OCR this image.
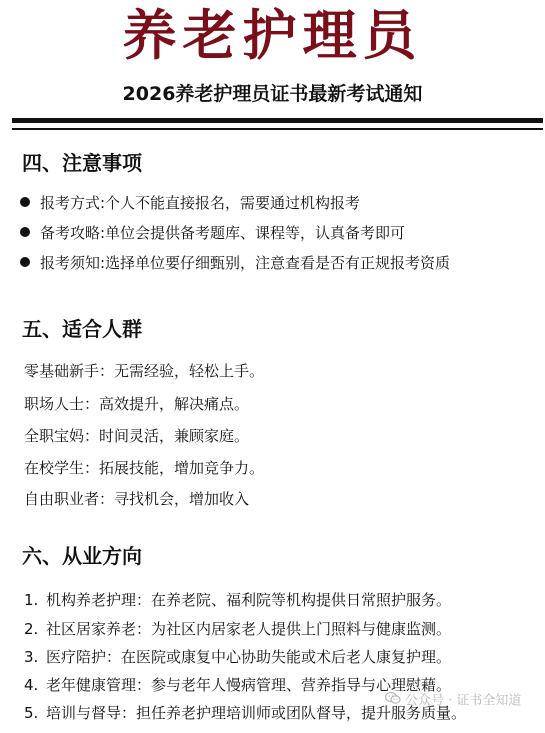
养老护理员
2026养老护理员证书最新考试通知
四、注意事项
报考方式:个人不能直接报名，需要通过机构报考
备考攻略:单位会提供备考题库、课程等，认真备考即可
报考须知:选择单位要仔细甄别，注意查看是否有正规报考资质
五、适合人群
零基础新手：无需经验，轻松上手。
职场人士：高效提升，解决痛点。
全职宝妈：时间灵活，兼顾家庭。
在校学生：拓展技能，增加竞争力。
自由职业者：寻找机会，增加收入
六、从业方向
1. 机构养老护理：在养老院、福利院等机构提供日常照护服务。
2. 社区居家养老：为社区内居家老人提供上门照料与健康监测。
3. 医疗陪护：在医院或康复中心协助失能或术后老人康复护理。
4. 老年健康管理：参与老年人慢病管理、营养指导与心理慰藉。
5. 培训与督导：担任养老护理培训师或团队督导，提升服务质量。
公众号 · 证书全知道
